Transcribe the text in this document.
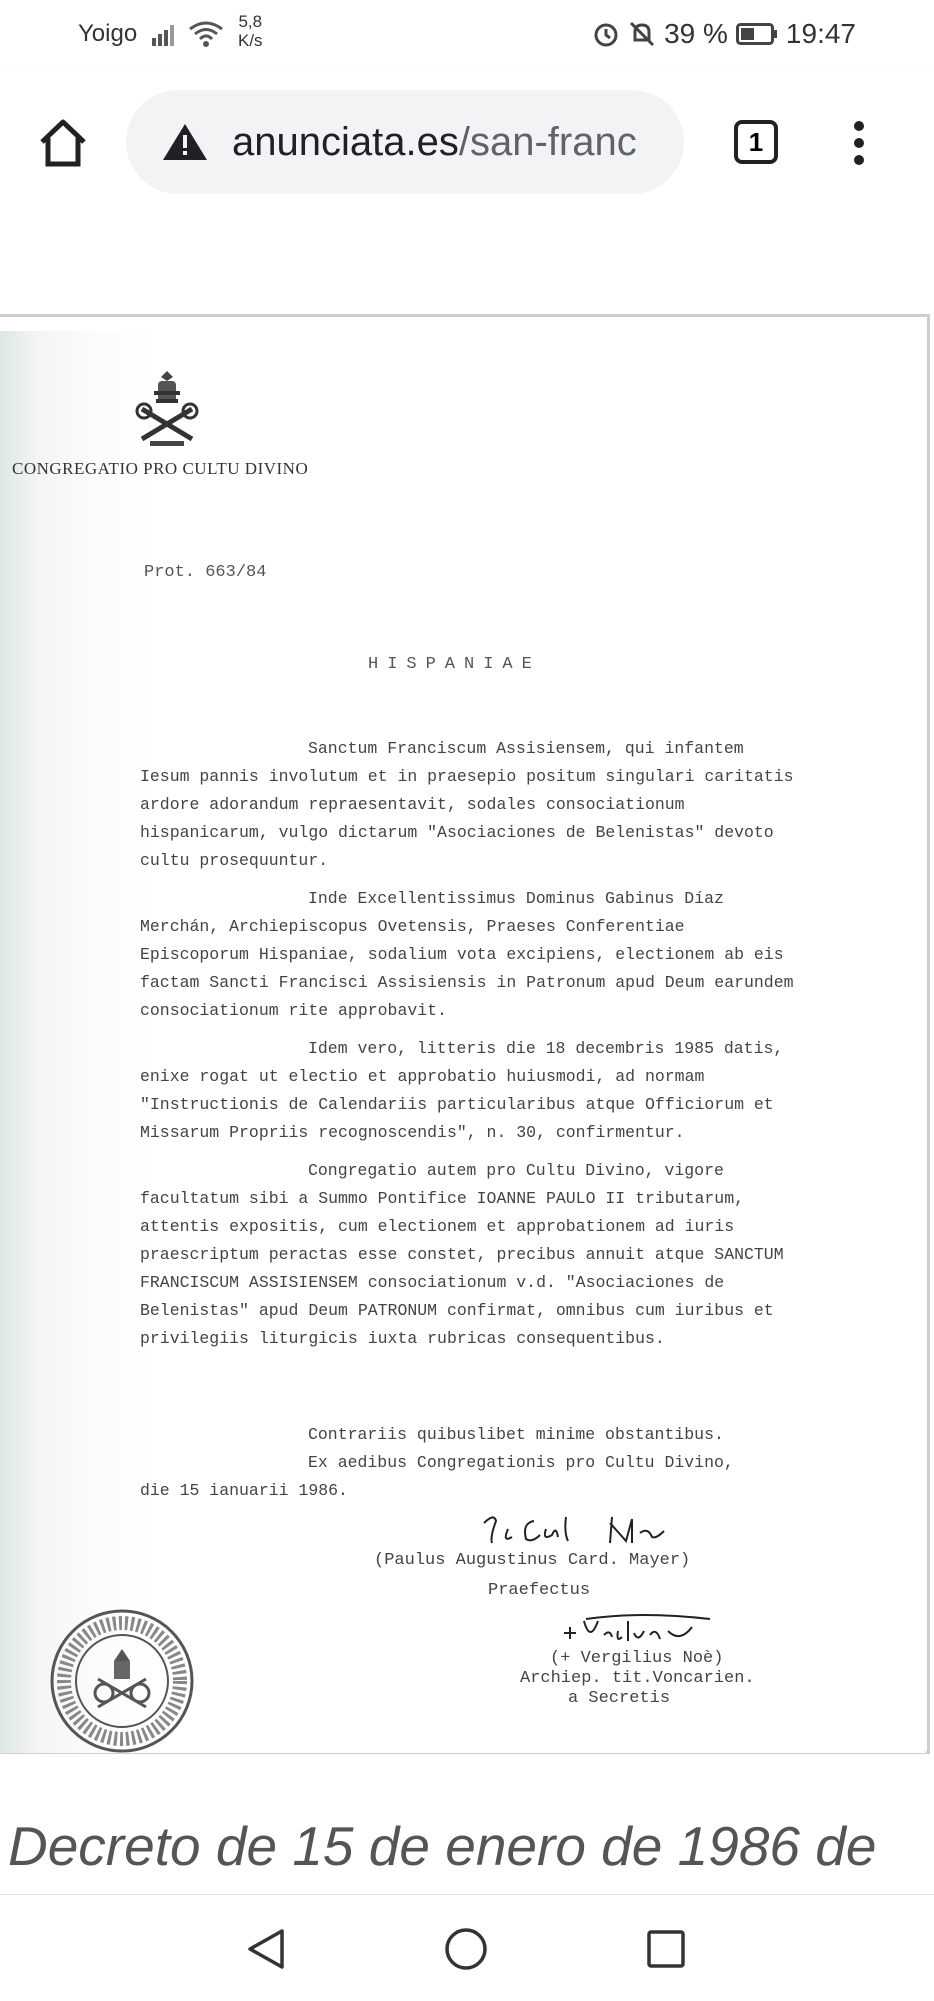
Yoigo	5,8
K/s	39 % 19:47
anunciata.es/san-franc	1
CONGREGATIO PRO CULTU DIVINO
Prot. 663/84
HISPANIAE

Sanctum Franciscum Assisiensem, qui infantem Iesum pannis involutum et in praesepio positum singulari caritatis ardore adorandum repraesentavit, sodales consociationum hispanicarum, vulgo dictarum "Asociaciones de Belenistas" devoto cultu prosequuntur.

Inde Excellentissimus Dominus Gabinus Díaz Merchán, Archiepiscopus Ovetensis, Praeses Conferentiae Episcoporum Hispaniae, sodalium vota excipiens, electionem ab eis factam Sancti Francisci Assisiensis in Patronum apud Deum earundem consociationum rite approbavit.

Idem vero, litteris die 18 decembris 1985 datis, enixe rogat ut electio et approbatio huiusmodi, ad normam "Instructionis de Calendariis particularibus atque Officiorum et Missarum Propriis recognoscendis", n. 30, confirmentur.

Congregatio autem pro Cultu Divino, vigore facultatum sibi a Summo Pontifice IOANNE PAULO II tributarum, attentis expositis, cum electionem et approbationem ad iuris praescriptum peractas esse constet, precibus annuit atque SANCTUM FRANCISCUM ASSISIENSEM consociationum v.d. "Asociaciones de Belenistas" apud Deum PATRONUM confirmat, omnibus cum iuribus et privilegiis liturgicis iuxta rubricas consequentibus.

Contrariis quibuslibet minime obstantibus.
Ex aedibus Congregationis pro Cultu Divino,
die 15 ianuarii 1986.
P.A. Card. Mayer
(Paulus Augustinus Card. Mayer)
Praefectus
(+ Vergilius Noè)
Archiep. tit.Voncarien.
a Secretis
Decreto de 15 de enero de 1986 de
